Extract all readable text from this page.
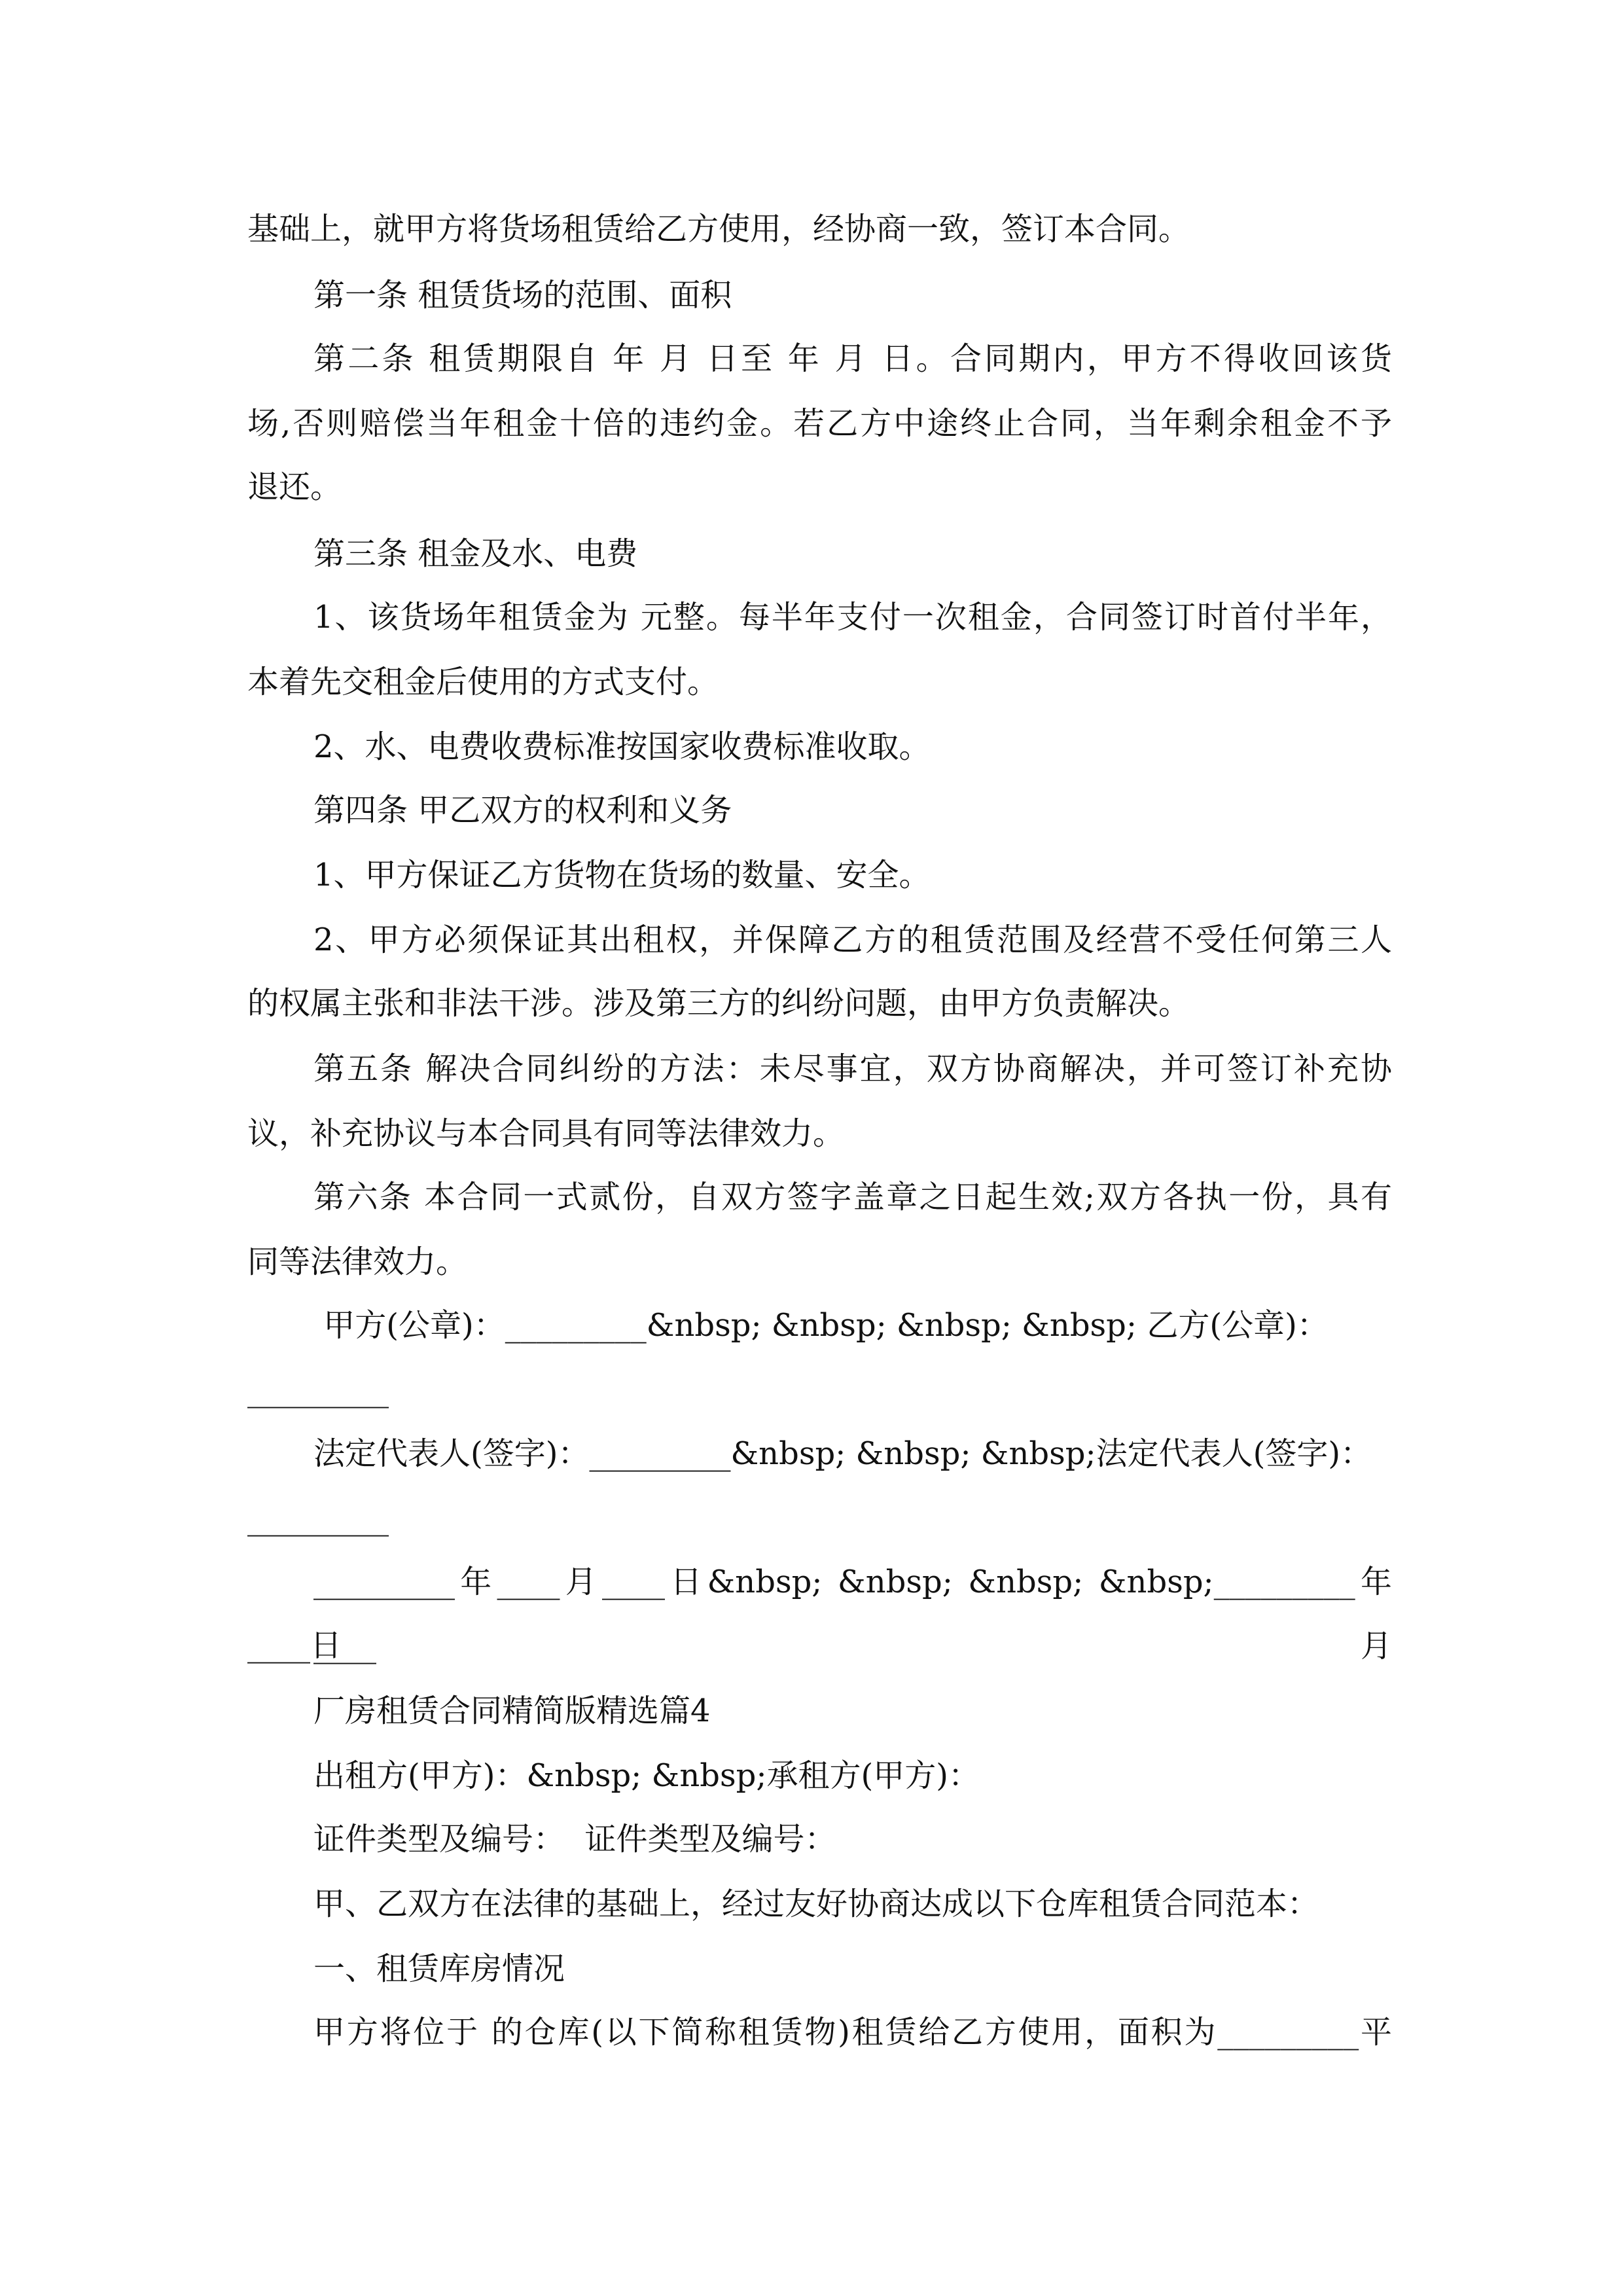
基础上，就甲方将货场租赁给乙方使用，经协商一致，签订本合同。
第一条 租赁货场的范围、面积
第二条 租赁期限自 年 月 日至 年 月 日。合同期内，甲方不得收回该货
场,否则赔偿当年租金十倍的违约金。若乙方中途终止合同，当年剩余租金不予
退还。
第三条 租金及水、电费
1、该货场年租赁金为 元整。每半年支付一次租金，合同签订时首付半年，
本着先交租金后使用的方式支付。
2、水、电费收费标准按国家收费标准收取。
第四条 甲乙双方的权利和义务
1、甲方保证乙方货物在货场的数量、安全。
2、甲方必须保证其出租权，并保障乙方的租赁范围及经营不受任何第三人
的权属主张和非法干涉。涉及第三方的纠纷问题，由甲方负责解决。
第五条 解决合同纠纷的方法：未尽事宜，双方协商解决，并可签订补充协
议，补充协议与本合同具有同等法律效力。
第六条 本合同一式贰份，自双方签字盖章之日起生效;双方各执一份，具有
同等法律效力。
甲方(公章)：_________&nbsp; &nbsp; &nbsp; &nbsp; 乙方(公章)：
_________
法定代表人(签字)：_________&nbsp; &nbsp; &nbsp;法定代表人(签字)：
_________
_________年____月____日&nbsp; &nbsp; &nbsp; &nbsp;_________年____月
____日
厂房租赁合同精简版精选篇4
出租方(甲方)：&nbsp; &nbsp;承租方(甲方)：
证件类型及编号：  证件类型及编号：
甲、乙双方在法律的基础上，经过友好协商达成以下仓库租赁合同范本：
一、租赁库房情况
甲方将位于 的仓库(以下简称租赁物)租赁给乙方使用，面积为_________平
